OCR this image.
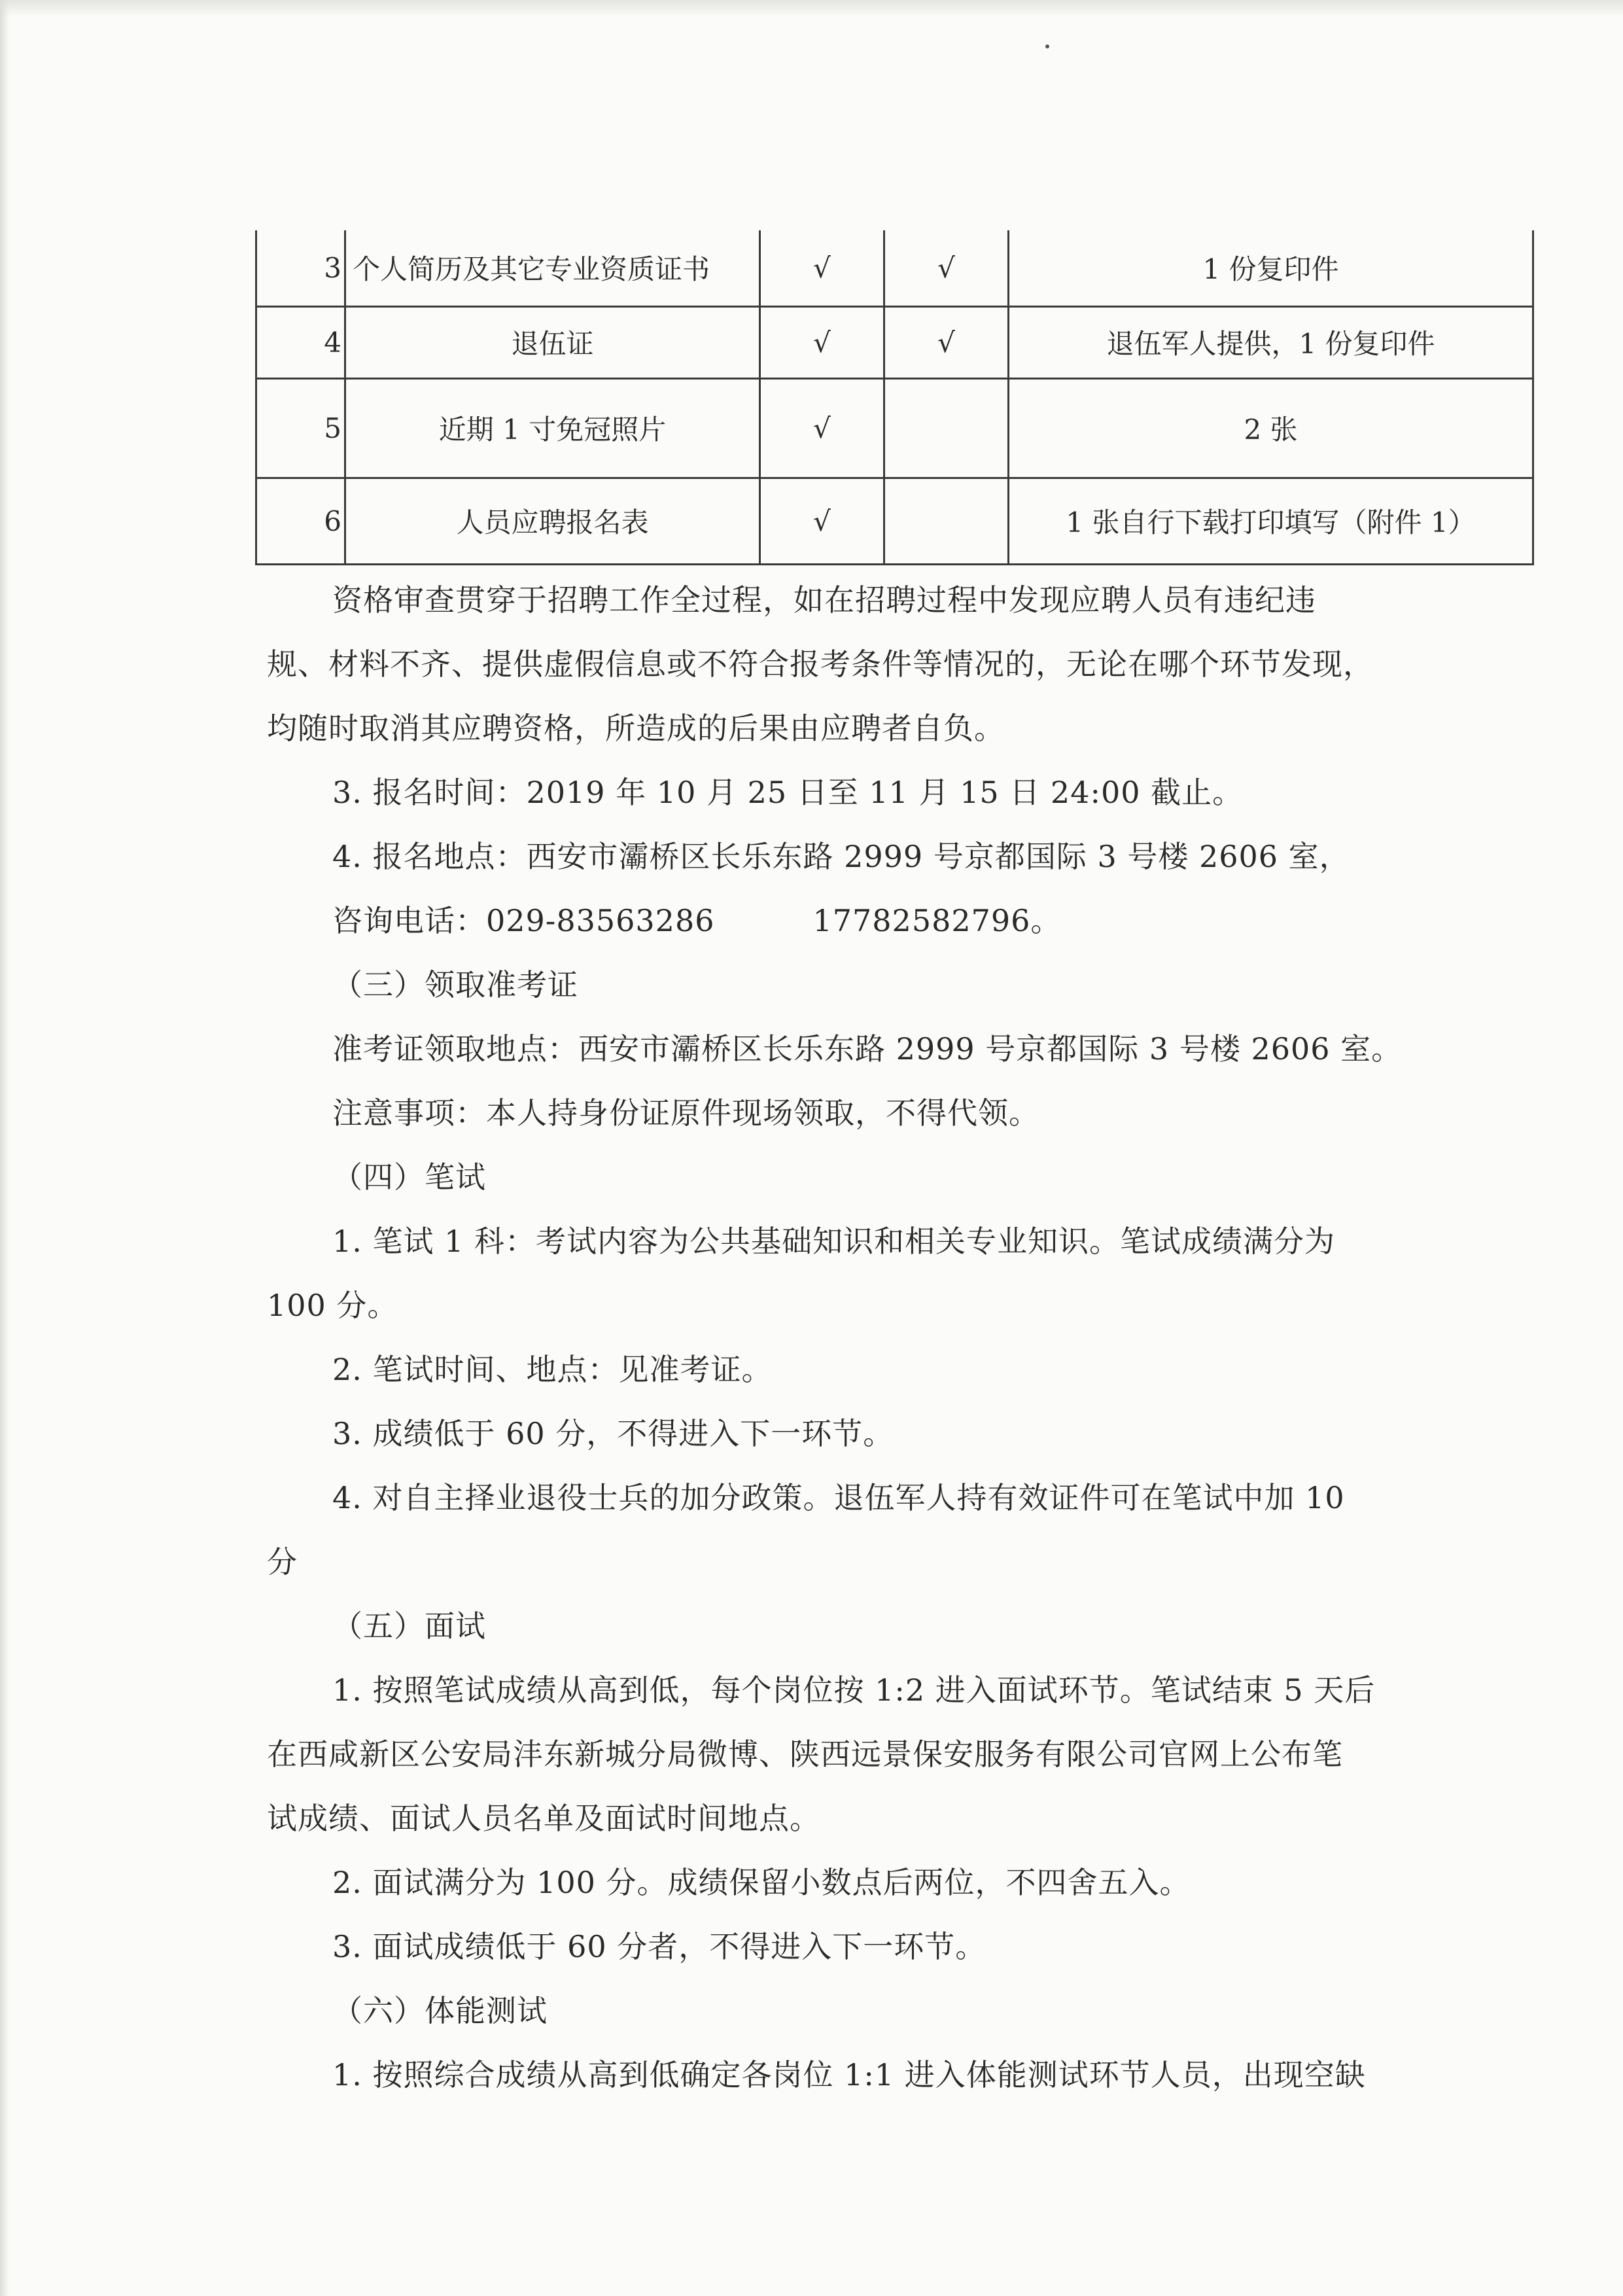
3	个人简历及其它专业资质证书	√	√	1 份复印件
4	退伍证	√	√	退伍军人提供，1 份复印件
5	近期 1 寸免冠照片	√		2 张
6	人员应聘报名表	√		1 张自行下载打印填写（附件 1）
资格审查贯穿于招聘工作全过程，如在招聘过程中发现应聘人员有违纪违
规、材料不齐、提供虚假信息或不符合报考条件等情况的，无论在哪个环节发现，
均随时取消其应聘资格，所造成的后果由应聘者自负。
3. 报名时间：2019 年 10 月 25 日至 11 月 15 日 24:00 截止。
4. 报名地点：西安市灞桥区长乐东路 2999 号京都国际 3 号楼 2606 室，
咨询电话：029-83563286	17782582796。
（三）领取准考证
准考证领取地点：西安市灞桥区长乐东路 2999 号京都国际 3 号楼 2606 室。
注意事项：本人持身份证原件现场领取，不得代领。
（四）笔试
1. 笔试 1 科：考试内容为公共基础知识和相关专业知识。笔试成绩满分为
100 分。
2. 笔试时间、地点：见准考证。
3. 成绩低于 60 分，不得进入下一环节。
4. 对自主择业退役士兵的加分政策。退伍军人持有效证件可在笔试中加 10
分
（五）面试
1. 按照笔试成绩从高到低，每个岗位按 1:2 进入面试环节。笔试结束 5 天后
在西咸新区公安局沣东新城分局微博、陕西远景保安服务有限公司官网上公布笔
试成绩、面试人员名单及面试时间地点。
2. 面试满分为 100 分。成绩保留小数点后两位，不四舍五入。
3. 面试成绩低于 60 分者，不得进入下一环节。
（六）体能测试
1. 按照综合成绩从高到低确定各岗位 1:1 进入体能测试环节人员，出现空缺
